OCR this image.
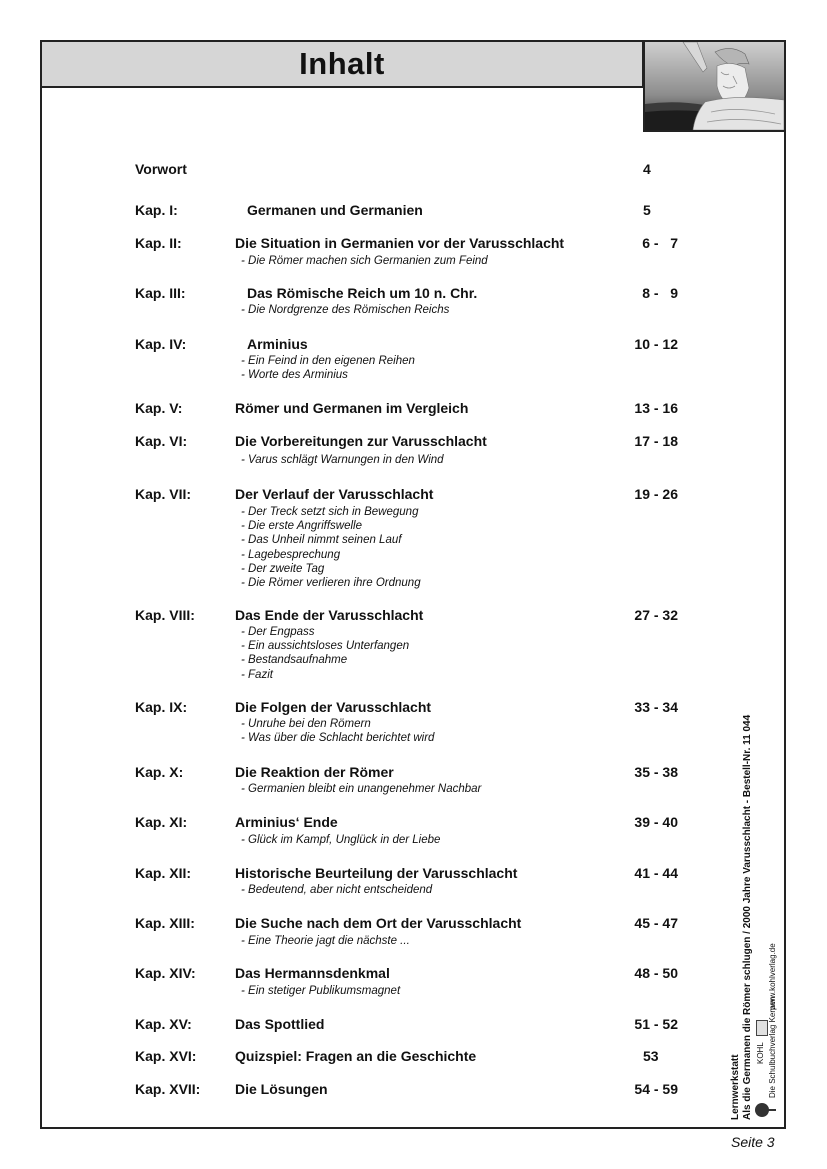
Inhalt
Vorwort	4
Kap. I:	Germanen und Germanien	5
Kap. II:	Die Situation in Germanien vor der Varusschlacht	6 -   7
- Die Römer machen sich Germanien zum Feind
Kap. III:	Das Römische Reich um 10 n. Chr.	8 -   9
- Die Nordgrenze des Römischen Reichs
Kap. IV:	Arminius	10 - 12
- Ein Feind in den eigenen Reihen
- Worte des Arminius
Kap. V:	Römer und Germanen im Vergleich	13 - 16
Kap. VI:	Die Vorbereitungen zur Varusschlacht	17 - 18
- Varus schlägt Warnungen in den Wind
Kap. VII:	Der Verlauf der Varusschlacht	19 - 26
- Der Treck setzt sich in Bewegung
- Die erste Angriffswelle
- Das Unheil nimmt seinen Lauf
- Lagebesprechung
- Der zweite Tag
- Die Römer verlieren ihre Ordnung
Kap. VIII:	Das Ende der Varusschlacht	27 - 32
- Der Engpass
- Ein aussichtsloses Unterfangen
- Bestandsaufnahme
- Fazit
Kap. IX:	Die Folgen der Varusschlacht	33 - 34
- Unruhe bei den Römern
- Was über die Schlacht berichtet wird
Kap. X:	Die Reaktion der Römer	35 - 38
- Germanien bleibt ein unangenehmer Nachbar
Kap. XI:	Arminius‘ Ende	39 - 40
- Glück im Kampf, Unglück in der Liebe
Kap. XII:	Historische Beurteilung der Varusschlacht	41 - 44
- Bedeutend, aber nicht entscheidend
Kap. XIII:	Die Suche nach dem Ort der Varusschlacht	45 - 47
- Eine Theorie jagt die nächste ...
Kap. XIV:	Das Hermannsdenkmal	48 - 50
- Ein stetiger Publikumsmagnet
Kap. XV:	Das Spottlied	51 - 52
Kap. XVI:	Quizspiel: Fragen an die Geschichte	53
Kap. XVII: Die Lösungen	54 - 59	Lernwerkstatt Als die Germanen die Römer schlugen / 2000 Jahre Varusschlacht - Bestell-Nr. 11 044 KOHL Die Schulbuchverlag Kerpen
www.kohlverlag.de
Seite 3
